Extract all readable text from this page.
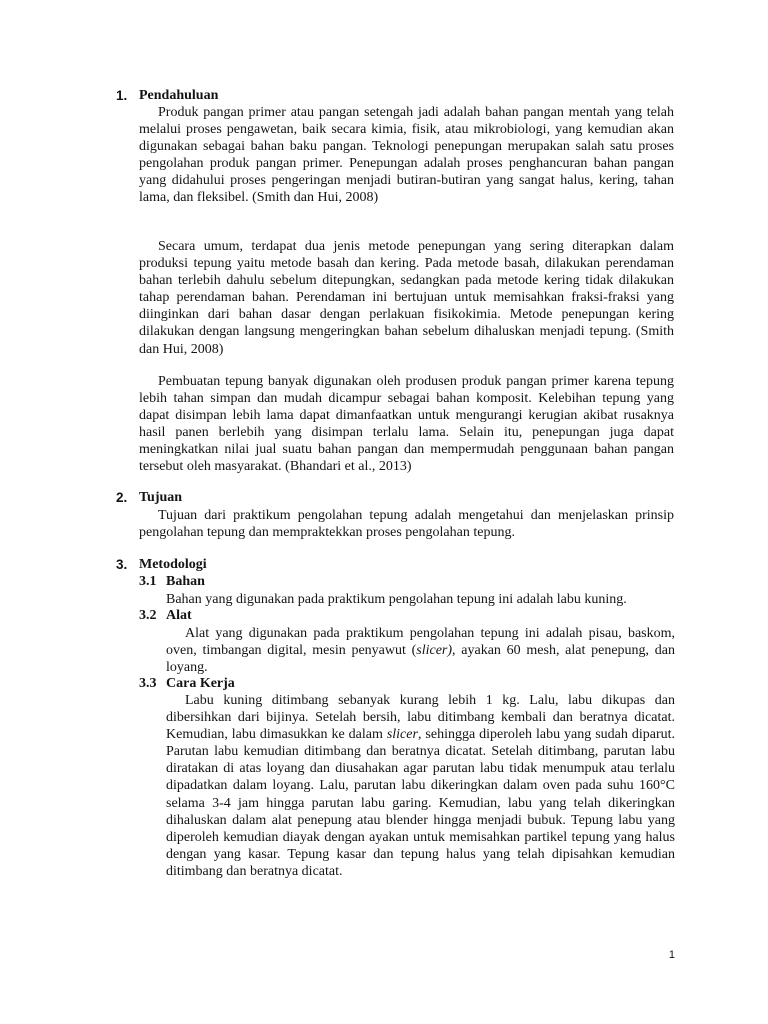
1. Pendahuluan

Produk pangan primer atau pangan setengah jadi adalah bahan pangan mentah yang telah melalui proses pengawetan, baik secara kimia, fisik, atau mikrobiologi, yang kemudian akan digunakan sebagai bahan baku pangan. Teknologi penepungan merupakan salah satu proses pengolahan produk pangan primer. Penepungan adalah proses penghancuran bahan pangan yang didahului proses pengeringan menjadi butiran-butiran yang sangat halus, kering, tahan lama, dan fleksibel. (Smith dan Hui, 2008)

Secara umum, terdapat dua jenis metode penepungan yang sering diterapkan dalam produksi tepung yaitu metode basah dan kering. Pada metode basah, dilakukan perendaman bahan terlebih dahulu sebelum ditepungkan, sedangkan pada metode kering tidak dilakukan tahap perendaman bahan. Perendaman ini bertujuan untuk memisahkan fraksi-fraksi yang diinginkan dari bahan dasar dengan perlakuan fisikokimia. Metode penepungan kering dilakukan dengan langsung mengeringkan bahan sebelum dihaluskan menjadi tepung. (Smith dan Hui, 2008)

Pembuatan tepung banyak digunakan oleh produsen produk pangan primer karena tepung lebih tahan simpan dan mudah dicampur sebagai bahan komposit. Kelebihan tepung yang dapat disimpan lebih lama dapat dimanfaatkan untuk mengurangi kerugian akibat rusaknya hasil panen berlebih yang disimpan terlalu lama. Selain itu, penepungan juga dapat meningkatkan nilai jual suatu bahan pangan dan mempermudah penggunaan bahan pangan tersebut oleh masyarakat. (Bhandari et al., 2013)

2. Tujuan

Tujuan dari praktikum pengolahan tepung adalah mengetahui dan menjelaskan prinsip pengolahan tepung dan mempraktekkan proses pengolahan tepung.

3. Metodologi
3.1 Bahan

Bahan yang digunakan pada praktikum pengolahan tepung ini adalah labu kuning.

3.2 Alat

Alat yang digunakan pada praktikum pengolahan tepung ini adalah pisau, baskom, oven, timbangan digital, mesin penyawut (slicer), ayakan 60 mesh, alat penepung, dan loyang.

3.3 Cara Kerja

Labu kuning ditimbang sebanyak kurang lebih 1 kg. Lalu, labu dikupas dan dibersihkan dari bijinya. Setelah bersih, labu ditimbang kembali dan beratnya dicatat. Kemudian, labu dimasukkan ke dalam slicer, sehingga diperoleh labu yang sudah diparut. Parutan labu kemudian ditimbang dan beratnya dicatat. Setelah ditimbang, parutan labu diratakan di atas loyang dan diusahakan agar parutan labu tidak menumpuk atau terlalu dipadatkan dalam loyang. Lalu, parutan labu dikeringkan dalam oven pada suhu 160°C selama 3-4 jam hingga parutan labu garing. Kemudian, labu yang telah dikeringkan dihaluskan dalam alat penepung atau blender hingga menjadi bubuk. Tepung labu yang diperoleh kemudian diayak dengan ayakan untuk memisahkan partikel tepung yang halus dengan yang kasar. Tepung kasar dan tepung halus yang telah dipisahkan kemudian ditimbang dan beratnya dicatat.

1
